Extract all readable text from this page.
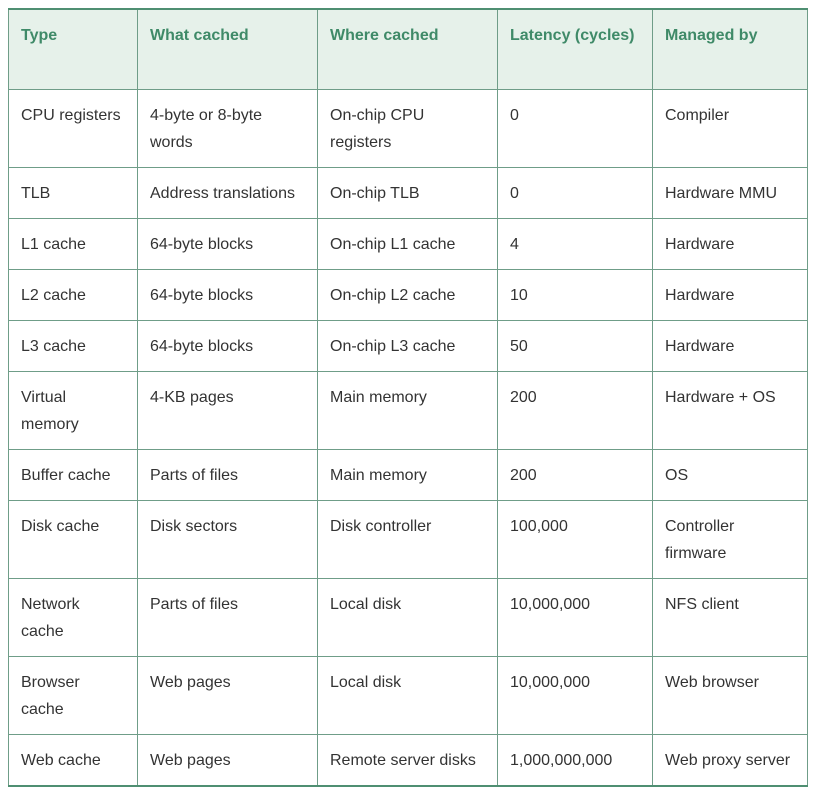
Type	What cached	Where cached	Latency (cycles)	Managed by
CPU registers	4-byte or 8-byte words	On-chip CPU registers	0	Compiler
TLB	Address translations	On-chip TLB	0	Hardware MMU
L1 cache	64-byte blocks	On-chip L1 cache	4	Hardware
L2 cache	64-byte blocks	On-chip L2 cache	10	Hardware
L3 cache	64-byte blocks	On-chip L3 cache	50	Hardware
Virtual memory	4-KB pages	Main memory	200	Hardware + OS
Buffer cache	Parts of files	Main memory	200	OS
Disk cache	Disk sectors	Disk controller	100,000	Controller firmware
Network cache	Parts of files	Local disk	10,000,000	NFS client
Browser cache	Web pages	Local disk	10,000,000	Web browser
Web cache	Web pages	Remote server disks	1,000,000,000	Web proxy server
